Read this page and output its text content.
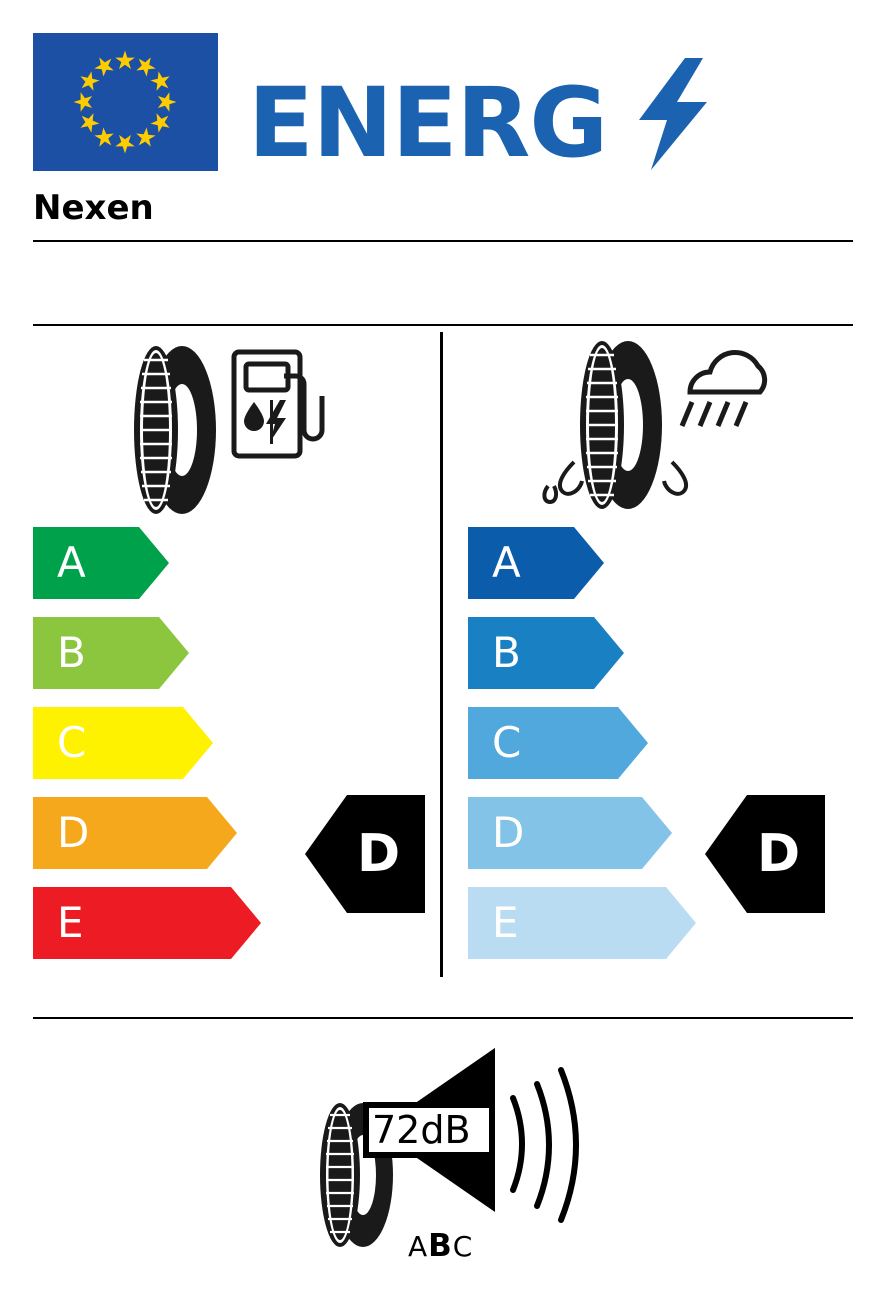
ENERG
Nexen
A
B
C
D
E
A
B
C
D
E
D	D
72dB
ABC
